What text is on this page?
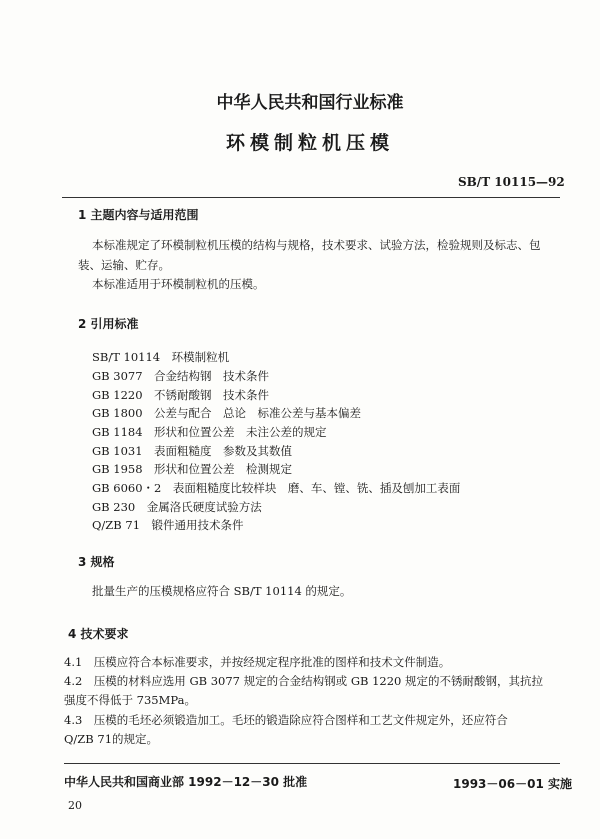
中华人民共和国行业标准
环模制粒机压模
SB/T 10115—92
1 主题内容与适用范围
本标准规定了环模制粒机压模的结构与规格，技术要求、试验方法，检验规则及标志、包
装、运输、贮存。
本标准适用于环模制粒机的压模。
2 引用标准
SB/T 10114　环模制粒机
GB 3077　合金结构钢　技术条件
GB 1220　不锈耐酸钢　技术条件
GB 1800　公差与配合　总论　标准公差与基本偏差
GB 1184　形状和位置公差　未注公差的规定
GB 1031　表面粗糙度　参数及其数值
GB 1958　形状和位置公差　检测规定
GB 6060・2　表面粗糙度比较样块　磨、车、镗、铣、插及刨加工表面
GB 230　金属洛氏硬度试验方法
Q/ZB 71　锻件通用技术条件
3 规格
批量生产的压模规格应符合 SB/T 10114 的规定。
4 技术要求
4.1　压模应符合本标准要求，并按经规定程序批准的图样和技术文件制造。
4.2　压模的材料应选用 GB 3077 规定的合金结构钢或 GB 1220 规定的不锈耐酸钢，其抗拉
强度不得低于 735MPa。
4.3　压模的毛坯必须锻造加工。毛坯的锻造除应符合图样和工艺文件规定外，还应符合
Q/ZB 71的规定。
中华人民共和国商业部 1992－12－30 批准	1993－06－01 实施
20
